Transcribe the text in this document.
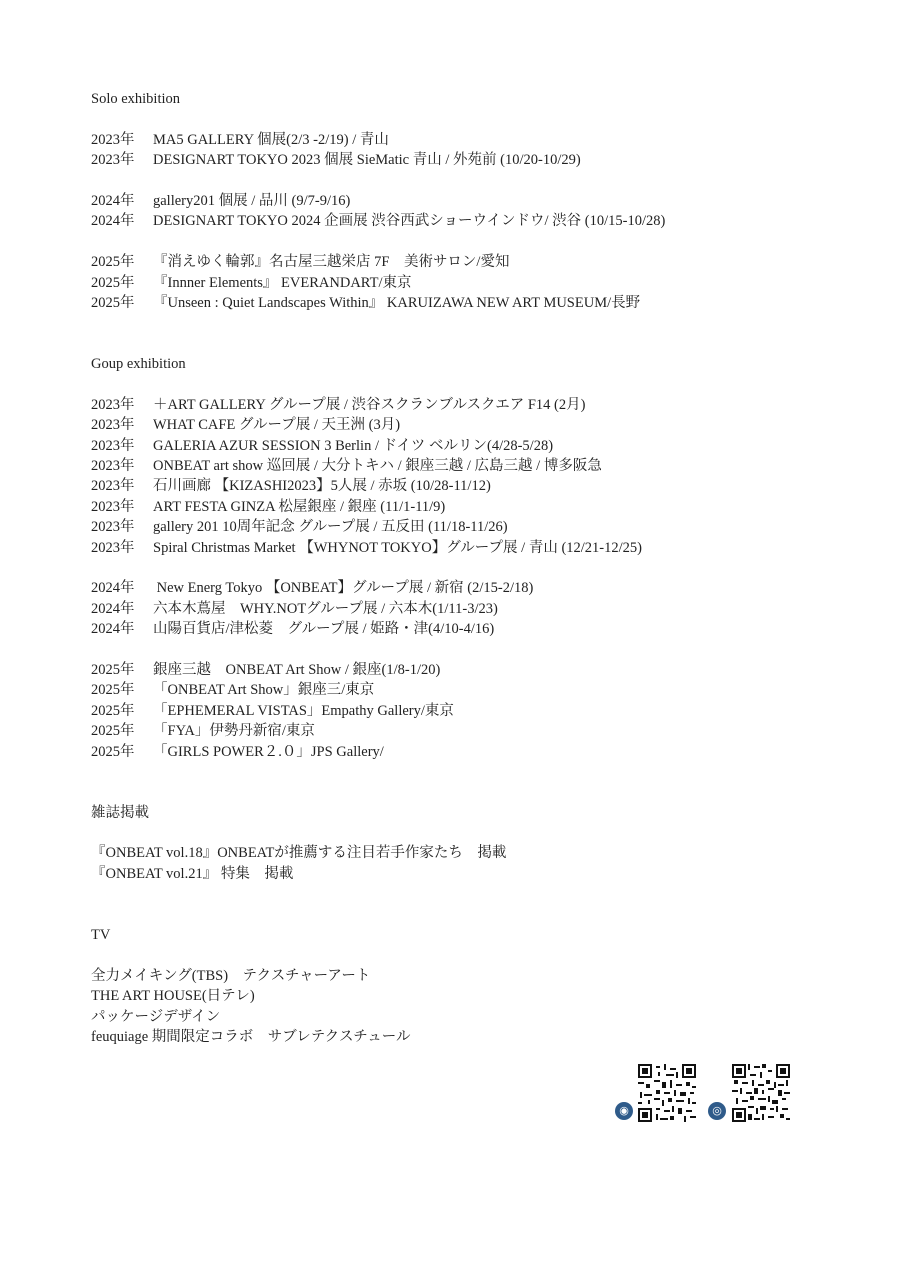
Solo exhibition
2023年 MA5 GALLERY 個展(2/3 -2/19) / 青山
2023年 DESIGNART TOKYO 2023 個展 SieMatic 青山 / 外苑前 (10/20-10/29)
2024年 gallery201 個展 / 品川 (9/7-9/16)
2024年 DESIGNART TOKYO 2024 企画展 渋谷西武ショーウインドウ/ 渋谷 (10/15-10/28)
2025年 『消えゆく輪郭』名古屋三越栄店 7F　美術サロン/愛知
2025年 『Innner Elements』 EVERANDART/東京
2025年 『Unseen : Quiet Landscapes Within』 KARUIZAWA NEW ART MUSEUM/長野
Goup exhibition
2023年 ＋ART GALLERY グループ展 / 渋谷スクランブルスクエア F14 (2月)
2023年 WHAT CAFE グループ展 / 天王洲 (3月)
2023年 GALERIA AZUR SESSION 3 Berlin / ドイツ ベルリン(4/28-5/28)
2023年 ONBEAT art show 巡回展 / 大分トキハ / 銀座三越 / 広島三越 / 博多阪急
2023年 石川画廊 【KIZASHI2023】5人展 / 赤坂 (10/28-11/12)
2023年 ART FESTA GINZA 松屋銀座 / 銀座 (11/1-11/9)
2023年 gallery 201 10周年記念 グループ展 / 五反田 (11/18-11/26)
2023年 Spiral Christmas Market 【WHYNOT TOKYO】グループ展 / 青山 (12/21-12/25)
2024年 New Energ Tokyo 【ONBEAT】グループ展 / 新宿 (2/15-2/18)
2024年 六本木蔦屋　WHY.NOTグループ展 / 六本木(1/11-3/23)
2024年 山陽百貨店/津松菱　グループ展 / 姫路・津(4/10-4/16)
2025年 銀座三越　ONBEAT Art Show / 銀座(1/8-1/20)
2025年 「ONBEAT Art Show」銀座三/東京
2025年 「EPHEMERAL VISTAS」Empathy Gallery/東京
2025年 「FYA」伊勢丹新宿/東京
2025年 「GIRLS POWER２.０」JPS Gallery/
雑誌掲載
『ONBEAT vol.18』ONBEATが推薦する注目若手作家たち　掲載
『ONBEAT vol.21』 特集　掲載
TV
全力メイキング(TBS)　テクスチャーアート
THE ART HOUSE(日テレ)
パッケージデザイン
feuquiage 期間限定コラボ　サブレテクスチュール
◉	◎
